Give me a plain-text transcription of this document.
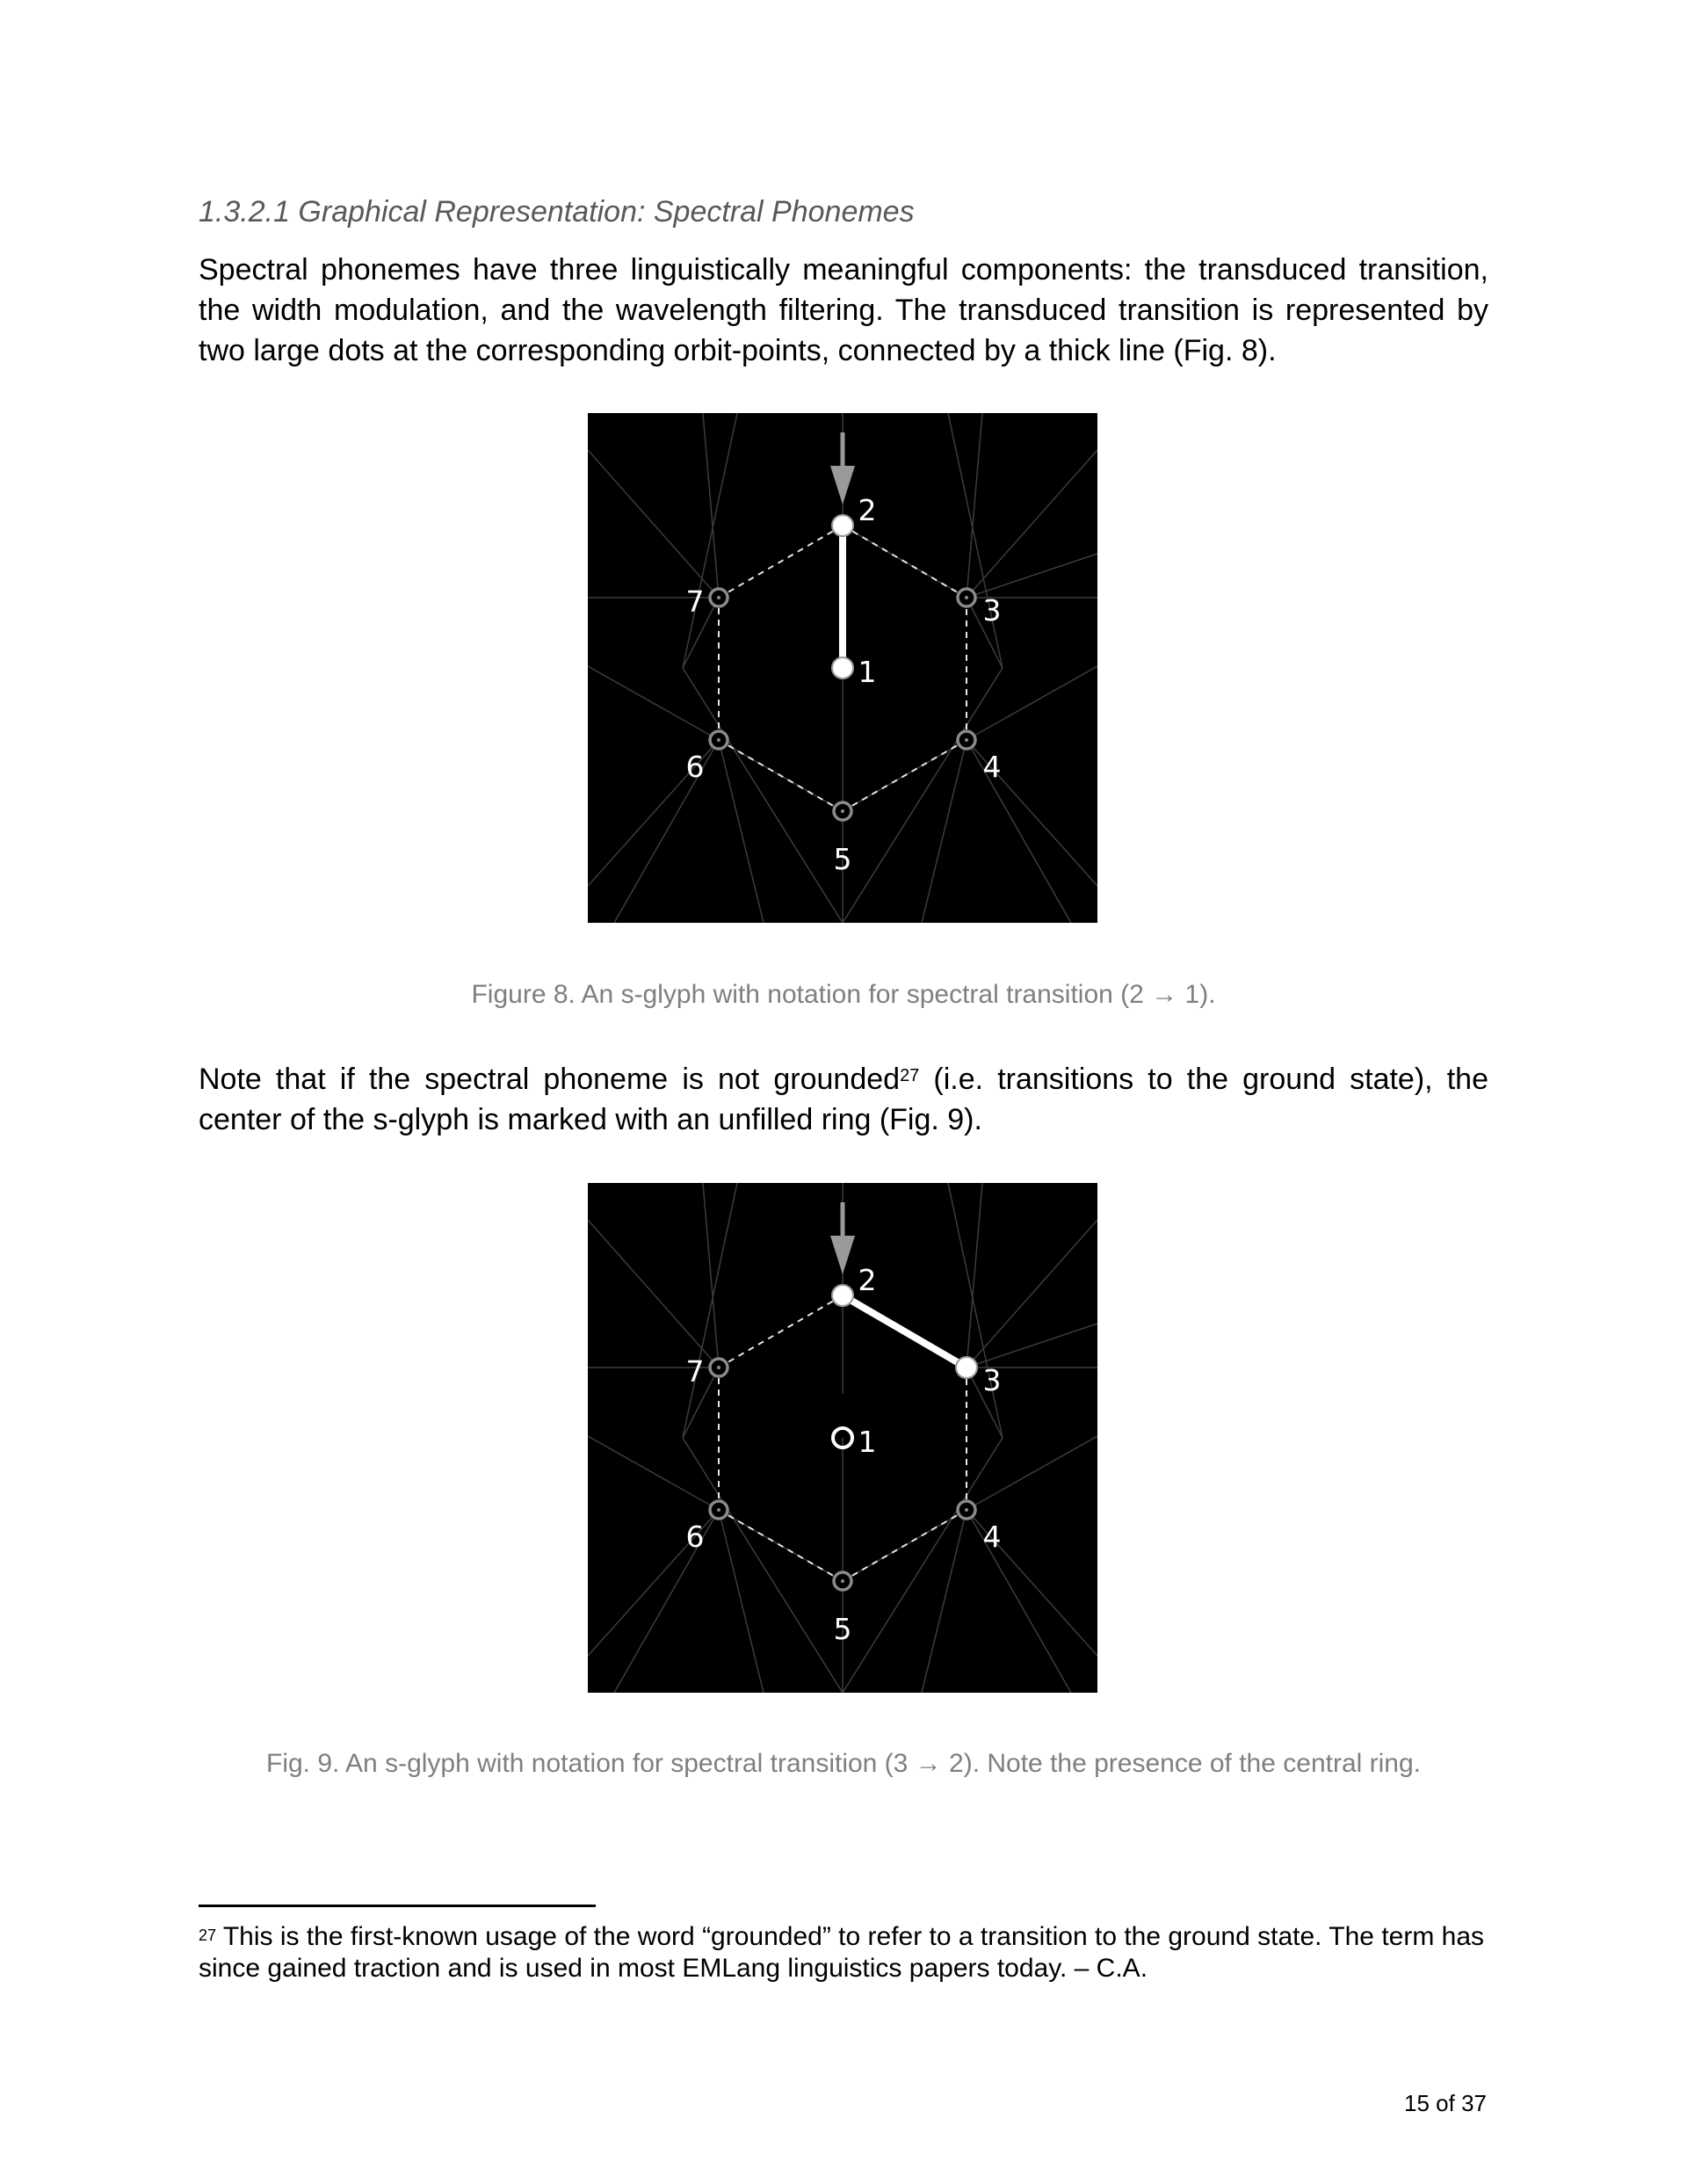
1.3.2.1 Graphical Representation: Spectral Phonemes

Spectral phonemes have three linguistically meaningful components: the transduced transition, the width modulation, and the wavelength filtering. The transduced transition is represented by two large dots at the corresponding orbit-points, connected by a thick line (Fig. 8).

1
2
3
4
5
6
7

Figure 8. An s-glyph with notation for spectral transition (2 → 1).

Note that if the spectral phoneme is not grounded$^{27}$ (i.e. transitions to the ground state), the center of the s-glyph is marked with an unfilled ring (Fig. 9).

1
2
3
4
5
6
7

Fig. 9. An s-glyph with notation for spectral transition (3 → 2). Note the presence of the central ring.

$^{27}$ This is the first-known usage of the word “grounded” to refer to a transition to the ground state. The term has since gained traction and is used in most EMLang linguistics papers today. – C.A.

15 of 37
